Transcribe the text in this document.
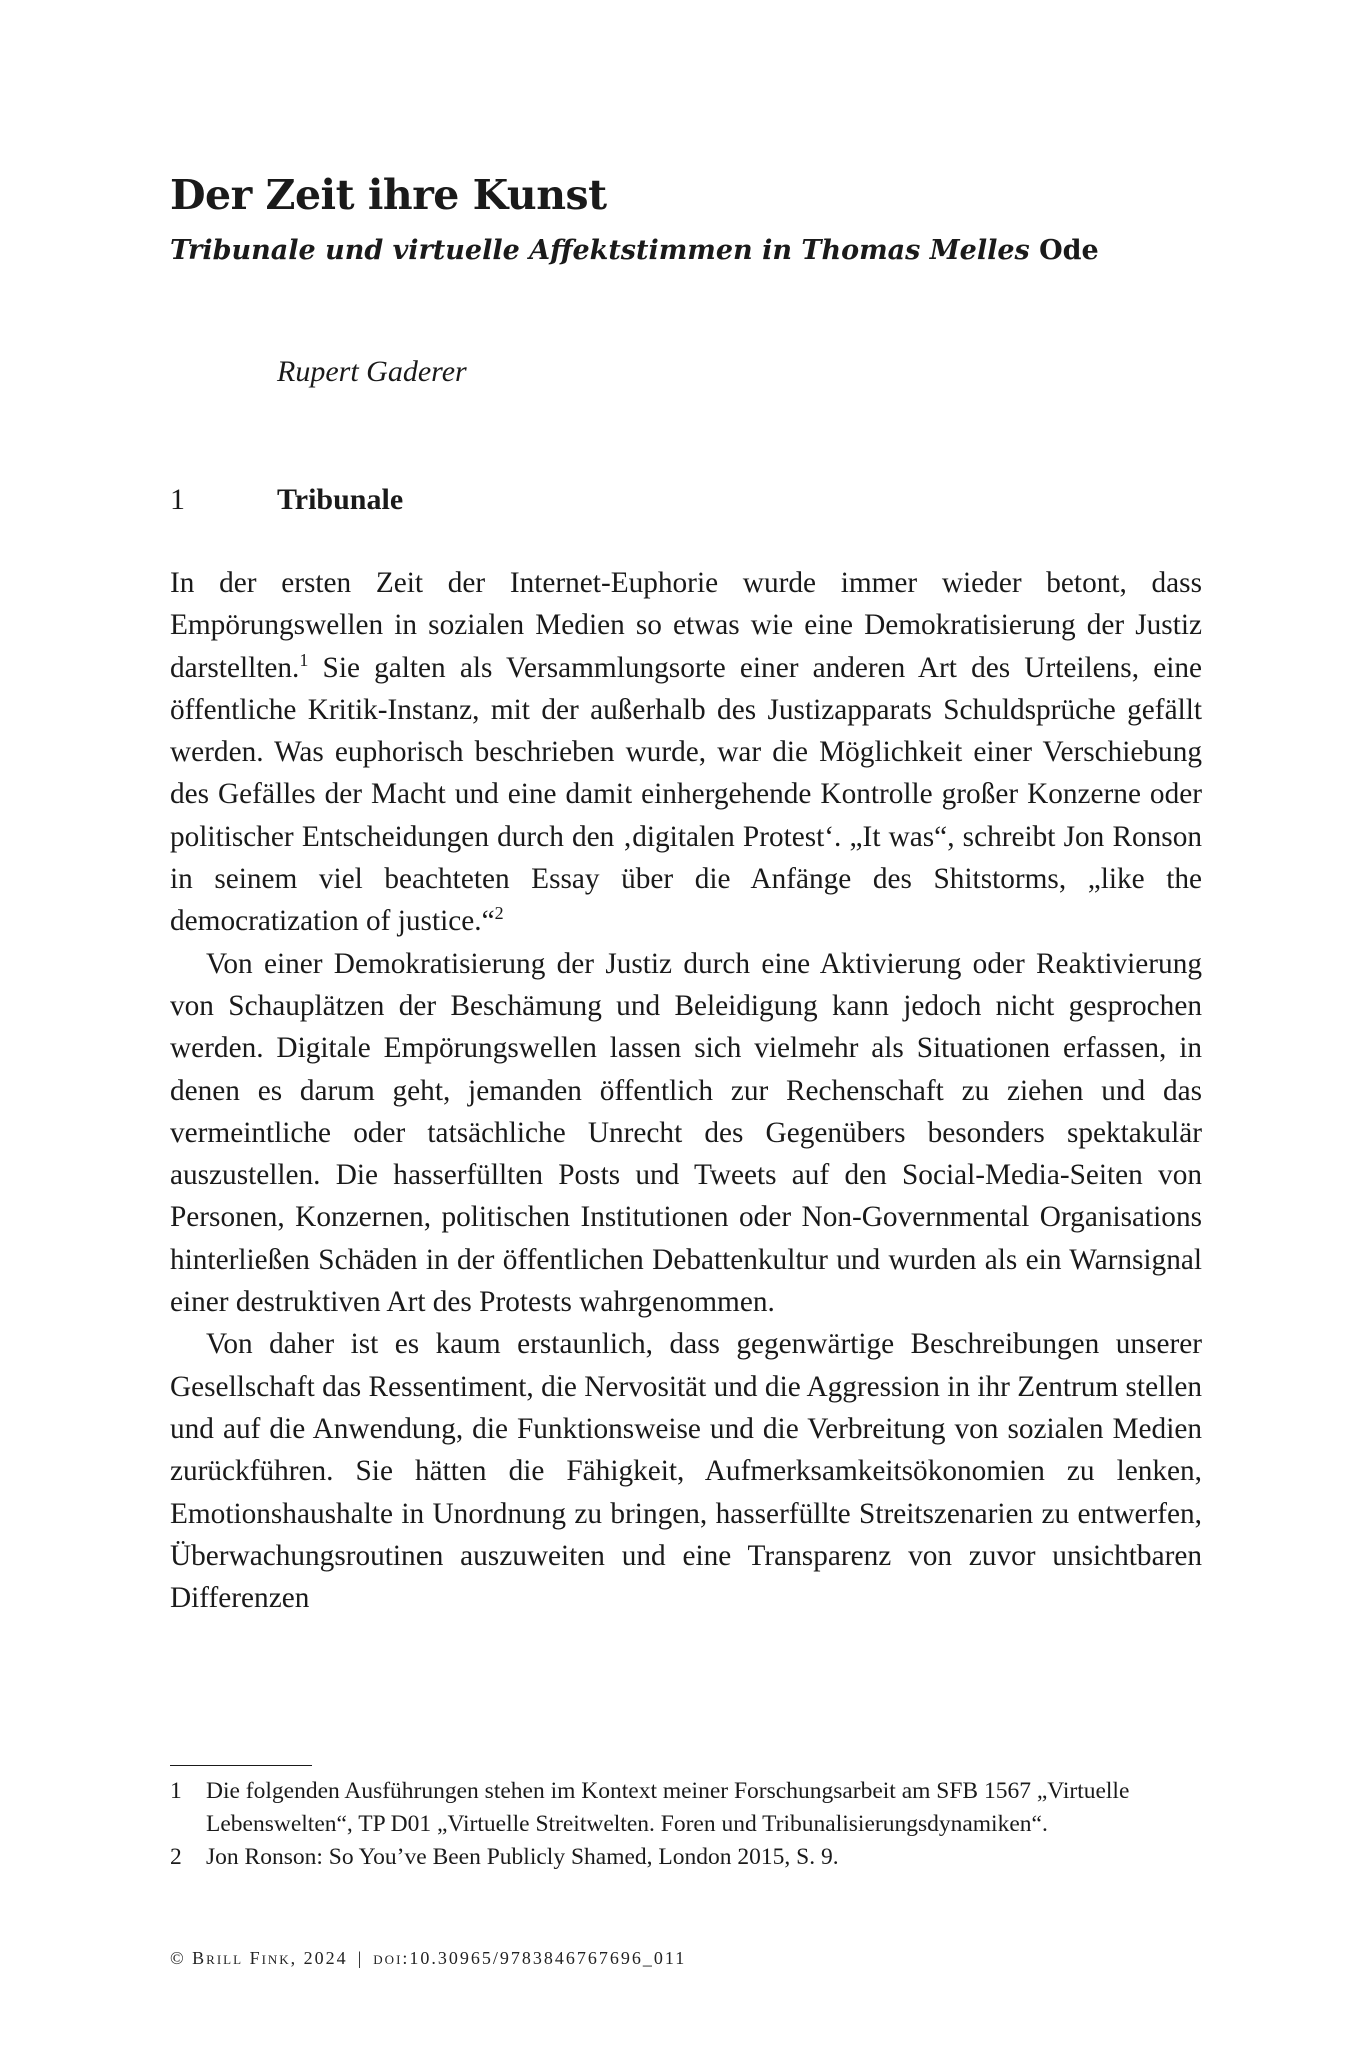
Der Zeit ihre Kunst
Tribunale und virtuelle Affektstimmen in Thomas Melles Ode
Rupert Gaderer
1	Tribunale

In der ersten Zeit der Internet-Euphorie wurde immer wieder betont, dass Empörungswellen in sozialen Medien so etwas wie eine Demokratisierung der Justiz darstellten.$^1$ Sie galten als Versammlungsorte einer anderen Art des Urteilens, eine öffentliche Kritik-Instanz, mit der außerhalb des Justizapparats Schuldsprüche gefällt werden. Was euphorisch beschrieben wurde, war die Möglichkeit einer Verschiebung des Gefälles der Macht und eine damit einhergehende Kontrolle großer Konzerne oder politischer Entscheidungen durch den ‚digitalen Protest‘. „It was“, schreibt Jon Ronson in seinem viel beachteten Essay über die Anfänge des Shitstorms, „like the democratization of justice.“$^2$

Von einer Demokratisierung der Justiz durch eine Aktivierung oder Reaktivierung von Schauplätzen der Beschämung und Beleidigung kann jedoch nicht gesprochen werden. Digitale Empörungswellen lassen sich vielmehr als Situationen erfassen, in denen es darum geht, jemanden öffentlich zur Rechenschaft zu ziehen und das vermeintliche oder tatsächliche Unrecht des Gegenübers besonders spektakulär auszustellen. Die hasserfüllten Posts und Tweets auf den Social-Media-Seiten von Personen, Konzernen, politischen Institutionen oder Non-Governmental Organisations hinterließen Schäden in der öffentlichen Debattenkultur und wurden als ein Warnsignal einer destruktiven Art des Protests wahrgenommen.

Von daher ist es kaum erstaunlich, dass gegenwärtige Beschreibungen unserer Gesellschaft das Ressentiment, die Nervosität und die Aggression in ihr Zentrum stellen und auf die Anwendung, die Funktionsweise und die Verbreitung von sozialen Medien zurückführen. Sie hätten die Fähigkeit, Aufmerksamkeitsökonomien zu lenken, Emotionshaushalte in Unordnung zu bringen, hasserfüllte Streitszenarien zu entwerfen, Überwachungsroutinen auszuweiten und eine Transparenz von zuvor unsichtbaren Differenzen

1	Die folgenden Ausführungen stehen im Kontext meiner Forschungsarbeit am SFB 1567 „Virtuelle Lebenswelten“, TP D01 „Virtuelle Streitwelten. Foren und Tribunalisierungsdynamiken“.
2	Jon Ronson: So You’ve Been Publicly Shamed, London 2015, S. 9.
© Brill Fink, 2024 | doi:10.30965/9783846767696_011
